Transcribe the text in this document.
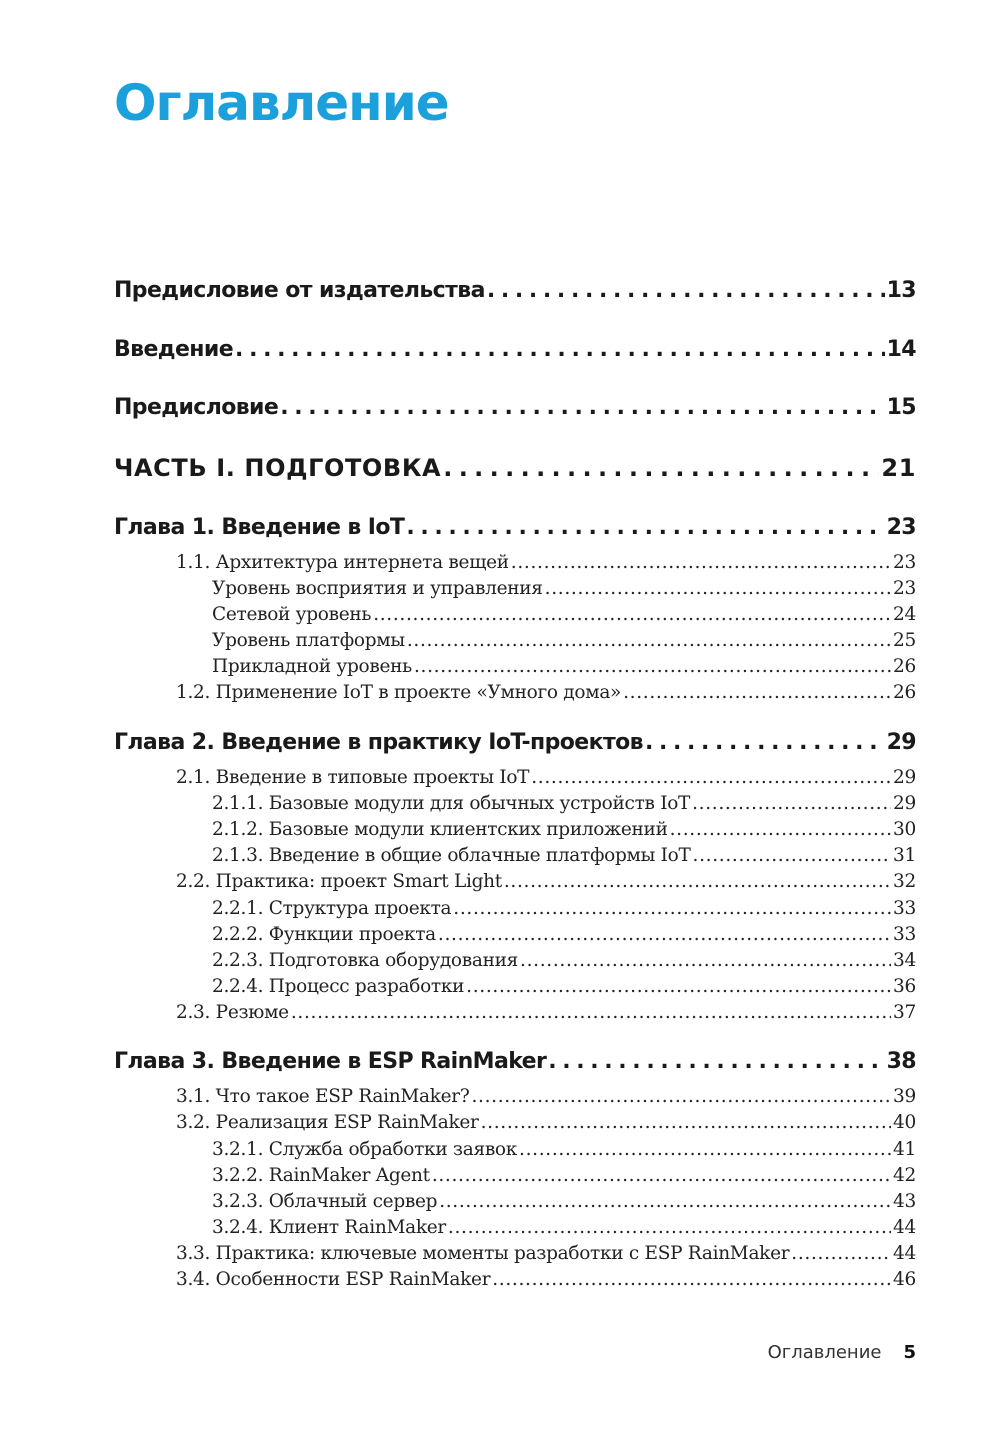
Оглавление
Предисловие от издательства . . .	13
Введение . . .	14
Предисловие . . .	15
ЧАСТЬ I. ПОДГОТОВКА . . .	21
Глава 1. Введение в IoT . . .	23
1.1. Архитектура интернета вещей . . .	23
Уровень восприятия и управления . . .	23
Сетевой уровень . . .	24
Уровень платформы . . .	25
Прикладной уровень . . .	26
1.2. Применение IoT в проекте «Умного дома» . . .	26
Глава 2. Введение в практику IoT-проектов . . .	29
2.1. Введение в типовые проекты IoT . . .	29
2.1.1. Базовые модули для обычных устройств IoT . . .	29
2.1.2. Базовые модули клиентских приложений . . .	30
2.1.3. Введение в общие облачные платформы IoT . . .	31
2.2. Практика: проект Smart Light . . .	32
2.2.1. Структура проекта . . .	33
2.2.2. Функции проекта . . .	33
2.2.3. Подготовка оборудования . . .	34
2.2.4. Процесс разработки . . .	36
2.3. Резюме . . .	37
Глава 3. Введение в ESP RainMaker . . .	38
3.1. Что такое ESP RainMaker? . . .	39
3.2. Реализация ESP RainMaker . . .	40
3.2.1. Служба обработки заявок . . .	41
3.2.2. RainMaker Agent . . .	42
3.2.3. Облачный сервер . . .	43
3.2.4. Клиент RainMaker . . .	44
3.3. Практика: ключевые моменты разработки с ESP RainMaker . . .	44
3.4. Особенности ESP RainMaker . . .	46
Оглавление 5
